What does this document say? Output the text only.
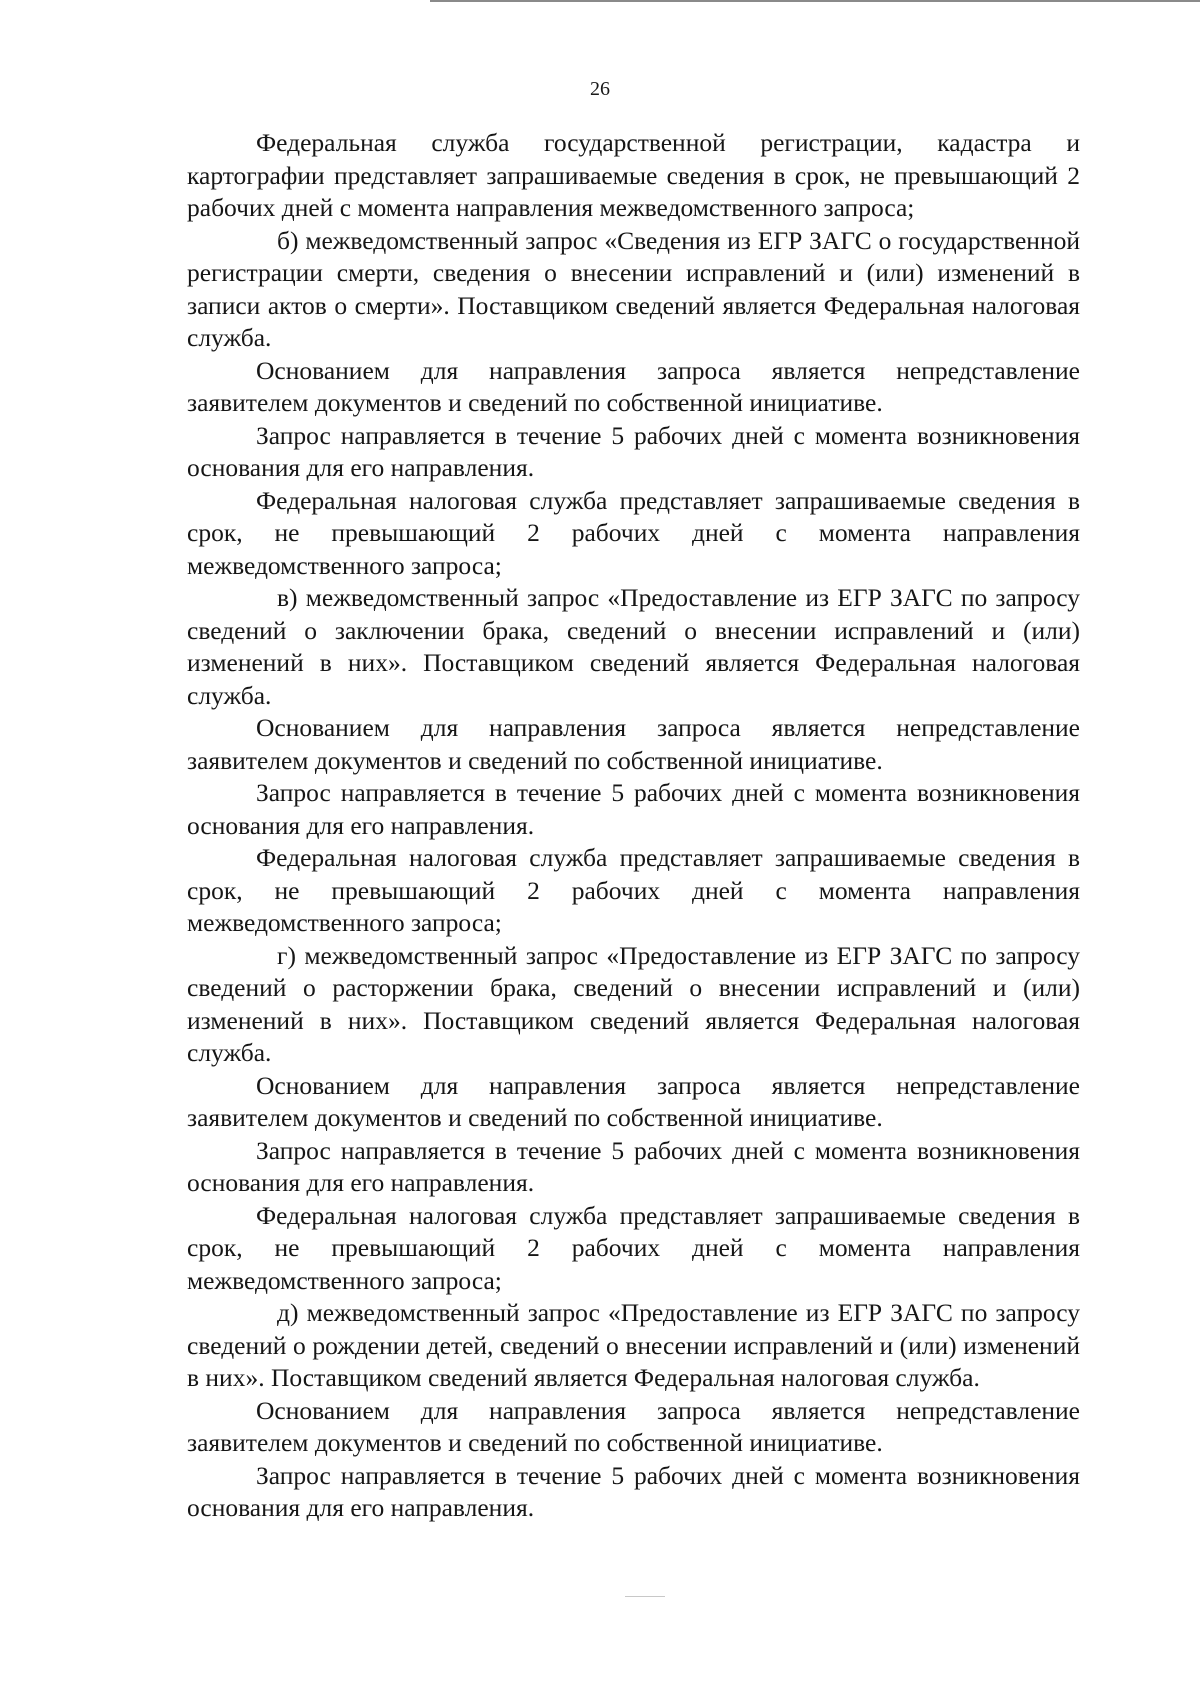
26

Федеральная служба государственной регистрации, кадастра и картографии представляет запрашиваемые сведения в срок, не превышающий 2 рабочих дней с момента направления межведомственного запроса;

б) межведомственный запрос «Сведения из ЕГР ЗАГС о государственной регистрации смерти, сведения о внесении исправлений и (или) изменений в записи актов о смерти». Поставщиком сведений является Федеральная налоговая служба.

Основанием для направления запроса является непредставление заявителем документов и сведений по собственной инициативе.

Запрос направляется в течение 5 рабочих дней с момента возникновения основания для его направления.

Федеральная налоговая служба представляет запрашиваемые сведения в срок, не превышающий 2 рабочих дней с момента направления межведомственного запроса;

в) межведомственный запрос «Предоставление из ЕГР ЗАГС по запросу сведений о заключении брака, сведений о внесении исправлений и (или) изменений в них». Поставщиком сведений является Федеральная налоговая служба.

Основанием для направления запроса является непредставление заявителем документов и сведений по собственной инициативе.

Запрос направляется в течение 5 рабочих дней с момента возникновения основания для его направления.

Федеральная налоговая служба представляет запрашиваемые сведения в срок, не превышающий 2 рабочих дней с момента направления межведомственного запроса;

г) межведомственный запрос «Предоставление из ЕГР ЗАГС по запросу сведений о расторжении брака, сведений о внесении исправлений и (или) изменений в них». Поставщиком сведений является Федеральная налоговая служба.

Основанием для направления запроса является непредставление заявителем документов и сведений по собственной инициативе.

Запрос направляется в течение 5 рабочих дней с момента возникновения основания для его направления.

Федеральная налоговая служба представляет запрашиваемые сведения в срок, не превышающий 2 рабочих дней с момента направления межведомственного запроса;

д) межведомственный запрос «Предоставление из ЕГР ЗАГС по запросу сведений о рождении детей, сведений о внесении исправлений и (или) изменений в них». Поставщиком сведений является Федеральная налоговая служба.

Основанием для направления запроса является непредставление заявителем документов и сведений по собственной инициативе.

Запрос направляется в течение 5 рабочих дней с момента возникновения основания для его направления.
